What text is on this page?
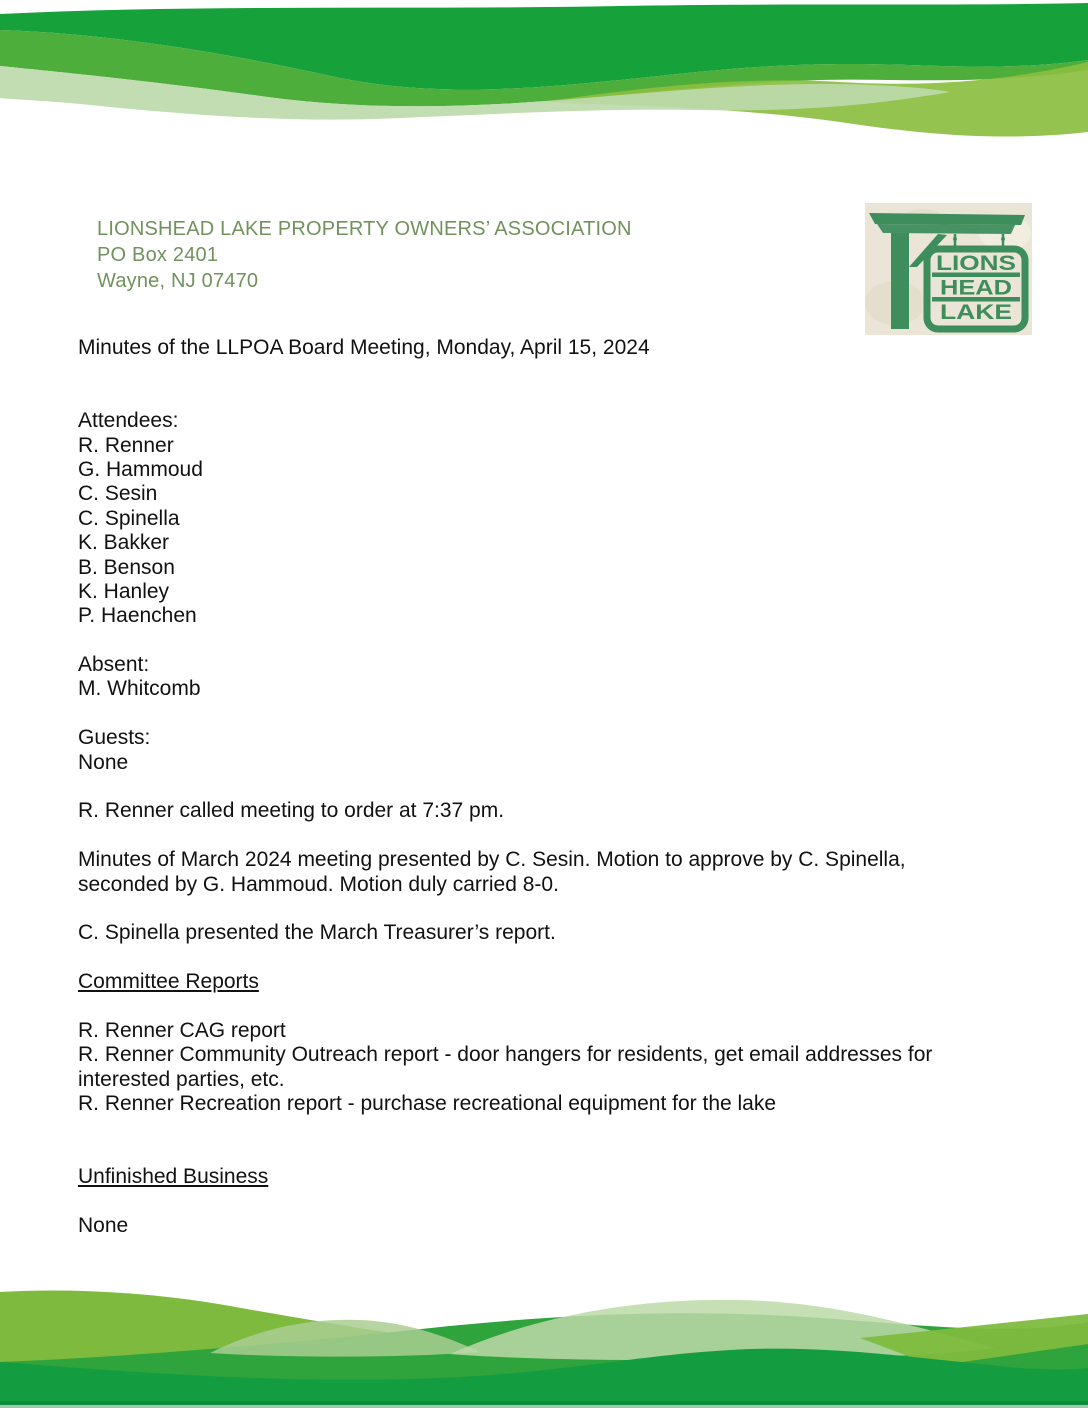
LIONSHEAD LAKE PROPERTY OWNERS’ ASSOCIATION
PO Box 2401
Wayne, NJ 07470
LIONS
HEAD
LAKE
Minutes of the LLPOA Board Meeting, Monday, April 15, 2024
Attendees:
R. Renner
G. Hammoud
C. Sesin
C. Spinella
K. Bakker
B. Benson
K. Hanley
P. Haenchen
Absent:
M. Whitcomb
Guests:
None
R. Renner called meeting to order at 7:37 pm.
Minutes of March 2024 meeting presented by C. Sesin. Motion to approve by C. Spinella,
seconded by G. Hammoud. Motion duly carried 8-0.
C. Spinella presented the March Treasurer’s report.
Committee Reports
R. Renner CAG report
R. Renner Community Outreach report - door hangers for residents, get email addresses for
interested parties, etc.
R. Renner Recreation report - purchase recreational equipment for the lake
Unfinished Business
None
